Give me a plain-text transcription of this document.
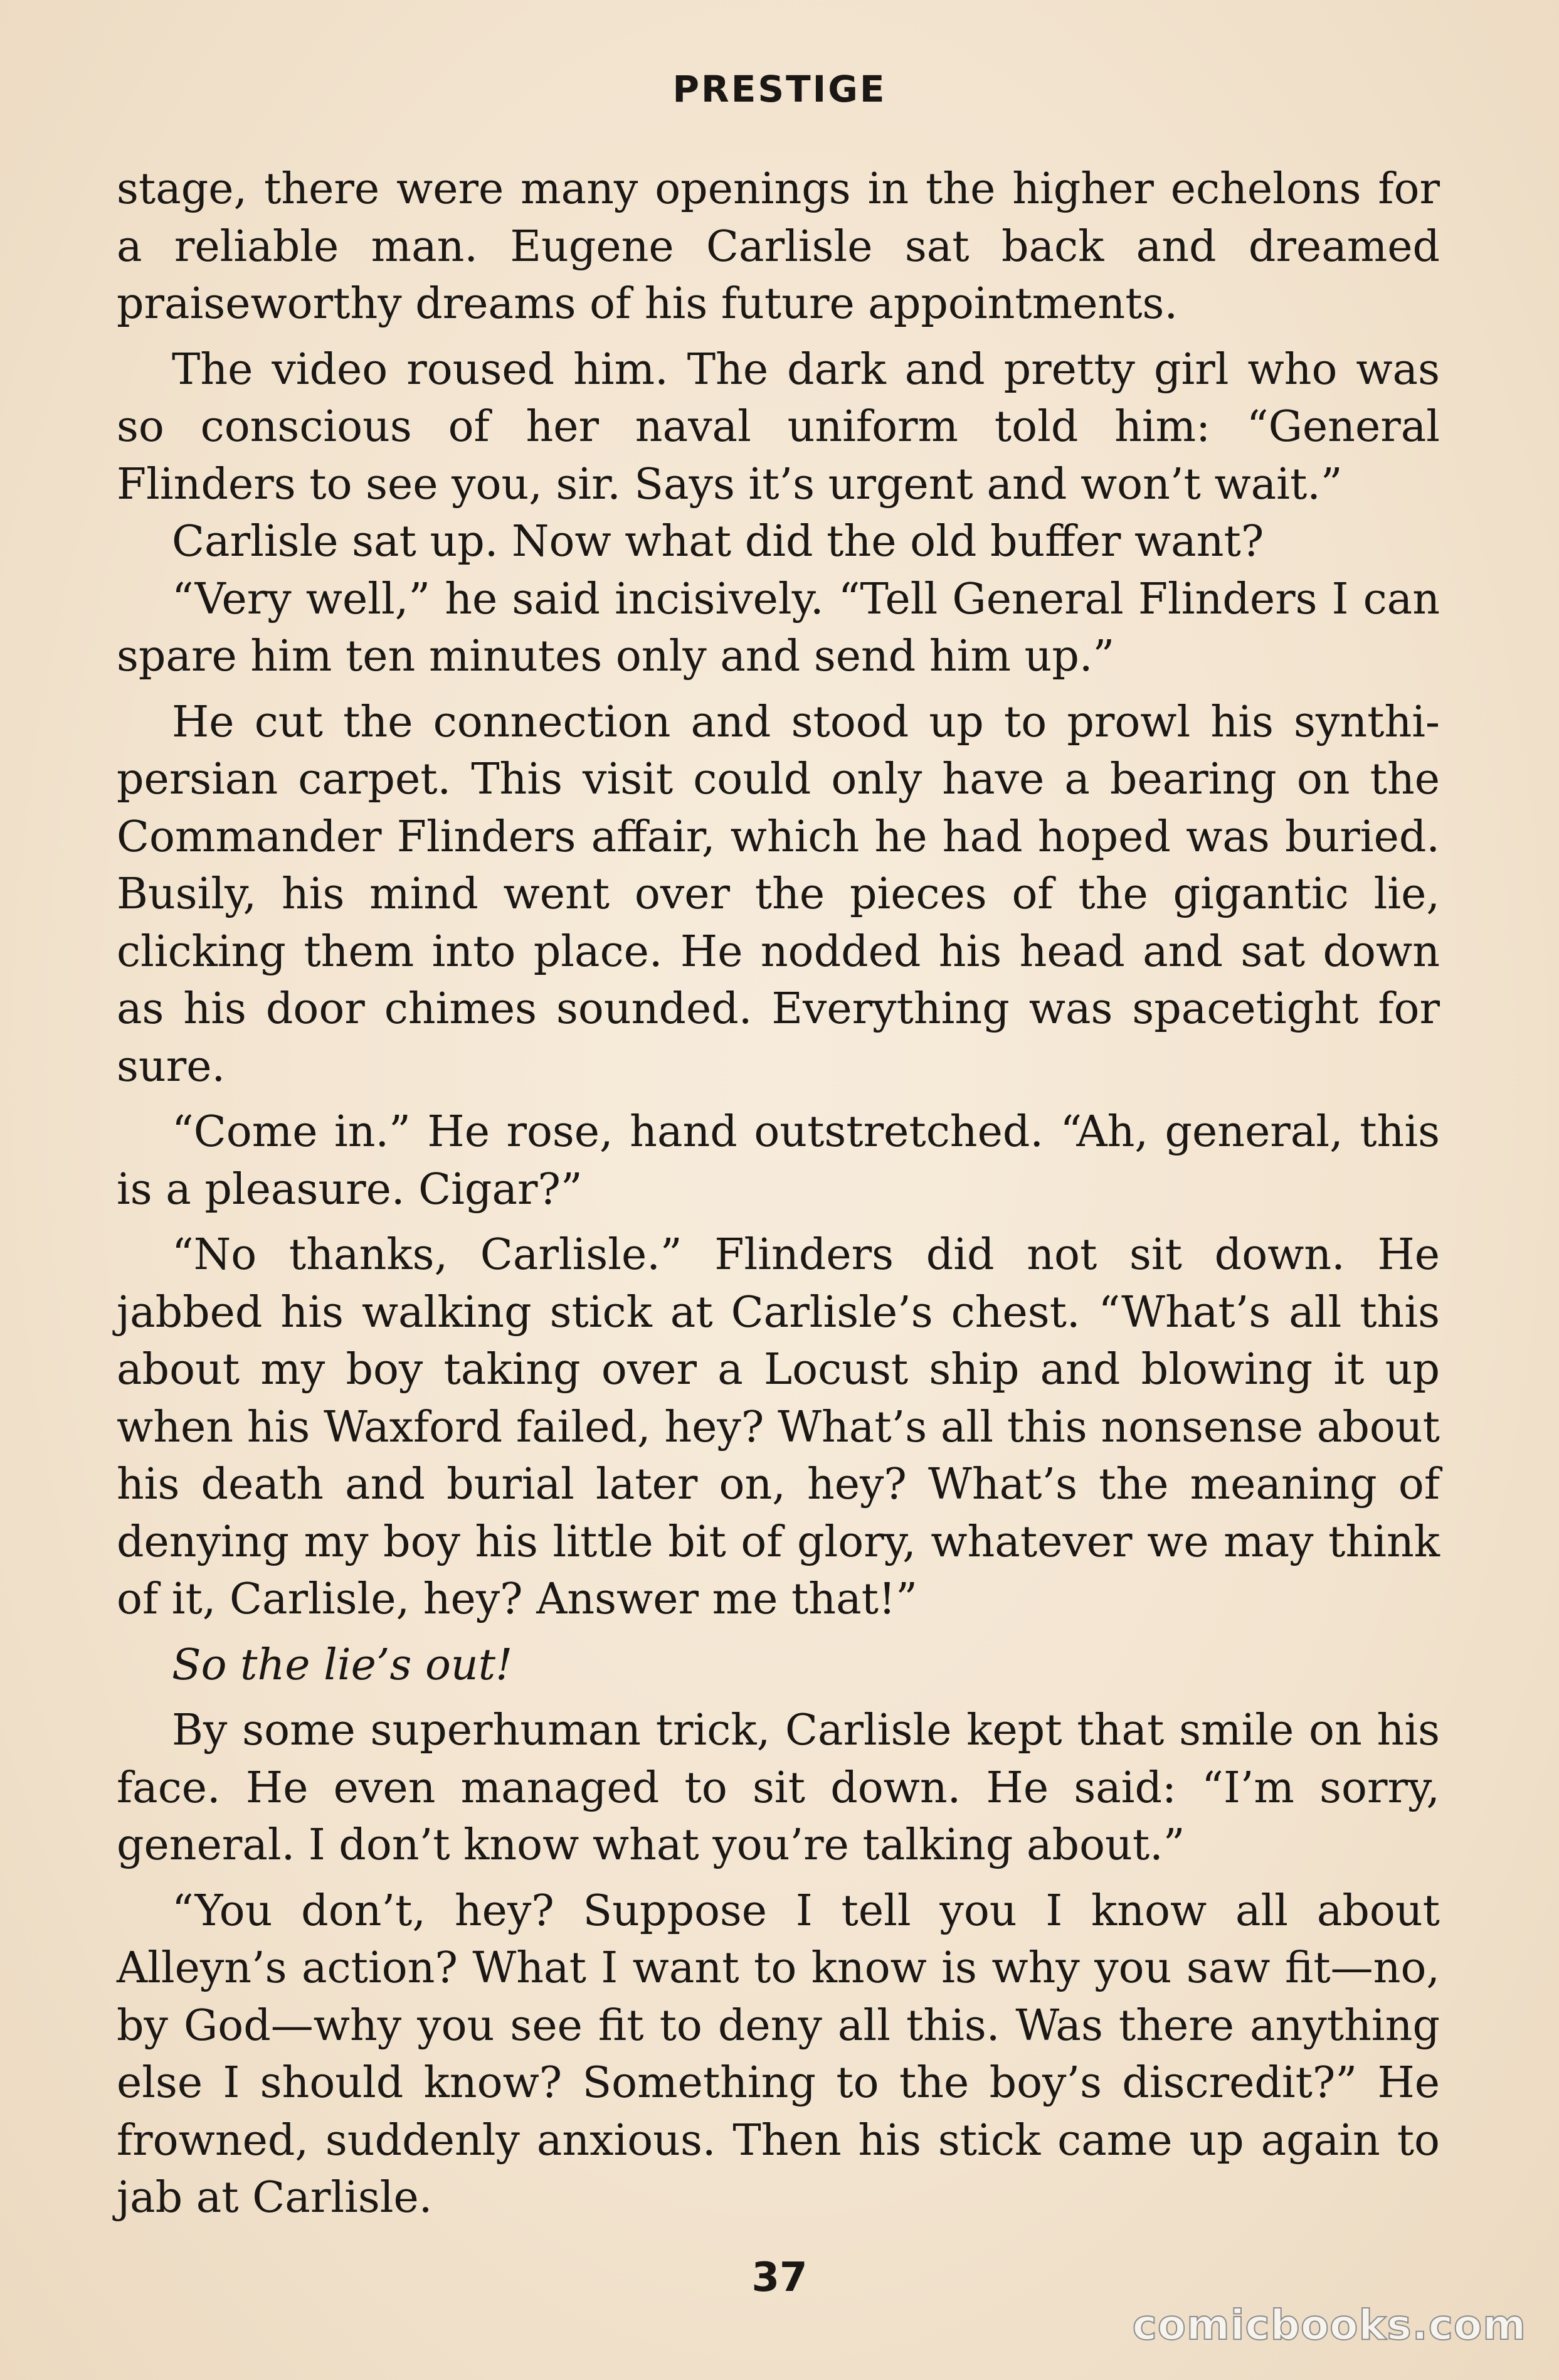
PRESTIGE

stage, there were many openings in the higher echelons for a reliable man. Eugene Carlisle sat back and dreamed praiseworthy dreams of his future appointments.

The video roused him. The dark and pretty girl who was so conscious of her naval uniform told him: “General Flinders to see you, sir. Says it’s urgent and won’t wait.”

Carlisle sat up. Now what did the old buffer want?

“Very well,” he said incisively. “Tell General Flinders I can spare him ten minutes only and send him up.”

He cut the connection and stood up to prowl his synthi-persian carpet. This visit could only have a bearing on the Commander Flinders affair, which he had hoped was buried. Busily, his mind went over the pieces of the gigantic lie, clicking them into place. He nodded his head and sat down as his door chimes sounded. Everything was spacetight for sure.

“Come in.” He rose, hand outstretched. “Ah, general, this is a pleasure. Cigar?”

“No thanks, Carlisle.” Flinders did not sit down. He jabbed his walking stick at Carlisle’s chest. “What’s all this about my boy taking over a Locust ship and blowing it up when his Waxford failed, hey? What’s all this nonsense about his death and burial later on, hey? What’s the meaning of denying my boy his little bit of glory, whatever we may think of it, Carlisle, hey? Answer me that!”

So the lie’s out!

By some superhuman trick, Carlisle kept that smile on his face. He even managed to sit down. He said: “I’m sorry, general. I don’t know what you’re talking about.”

“You don’t, hey? Suppose I tell you I know all about Alleyn’s action? What I want to know is why you saw fit—no, by God—why you see fit to deny all this. Was there anything else I should know? Something to the boy’s discredit?” He frowned, suddenly anxious. Then his stick came up again to jab at Carlisle.

37
comicbooks.com
